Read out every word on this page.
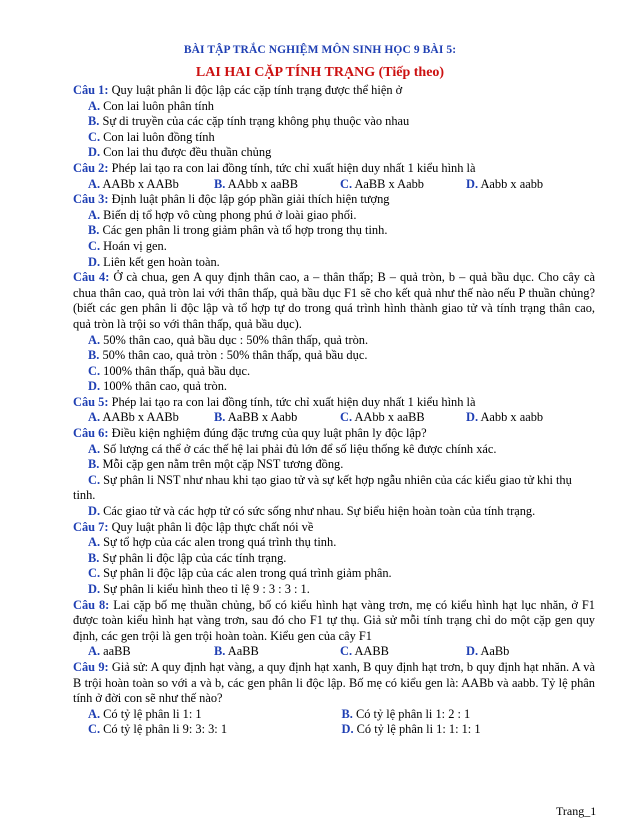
BÀI TẬP TRẮC NGHIỆM MÔN SINH HỌC 9 BÀI 5:
LAI HAI CẶP TÍNH TRẠNG (Tiếp theo)
Câu 1: Quy luật phân li độc lập các cặp tính trạng được thể hiện ở
A. Con lai luôn phân tính
B. Sự di truyền của các cặp tính trạng không phụ thuộc vào nhau
C. Con lai luôn đồng tính
D. Con lai thu được đều thuần chủng
Câu 2: Phép lai tạo ra con lai đồng tính, tức chỉ xuất hiện duy nhất 1 kiểu hình là
A. AABb x AABb	B. AAbb x aaBB	C. AaBB x Aabb	D. Aabb x aabb
Câu 3: Định luật phân li độc lập góp phần giải thích hiện tượng
A. Biến dị tổ hợp vô cùng phong phú ở loài giao phối.
B. Các gen phân li trong giảm phân và tổ hợp trong thụ tinh.
C. Hoán vị gen.
D. Liên kết gen hoàn toàn.
Câu 4: Ở cà chua, gen A quy định thân cao, a – thân thấp; B – quả tròn, b – quả bầu dục. Cho cây cà chua thân cao, quả tròn lai với thân thấp, quả bầu dục F1 sẽ cho kết quả như thế nào nếu P thuần chủng? (biết các gen phân li độc lập và tổ hợp tự do trong quá trình hình thành giao tử và tính trạng thân cao, quả tròn là trội so với thân thấp, quả bầu dục).
A. 50% thân cao, quả bầu dục : 50% thân thấp, quả tròn.
B. 50% thân cao, quả tròn : 50% thân thấp, quả bầu dục.
C. 100% thân thấp, quả bầu dục.
D. 100% thân cao, quả tròn.
Câu 5: Phép lai tạo ra con lai đồng tính, tức chỉ xuất hiện duy nhất 1 kiểu hình là
A. AABb x AABb	B. AaBB x Aabb	C. AAbb x aaBB	D. Aabb x aabb
Câu 6: Điều kiện nghiệm đúng đặc trưng của quy luật phân ly độc lập?
A. Số lượng cá thể ở các thế hệ lai phải đủ lớn để số liệu thống kê được chính xác.
B. Mỗi cặp gen nằm trên một cặp NST tương đồng.
C. Sự phân li NST như nhau khi tạo giao tử và sự kết hợp ngẫu nhiên của các kiểu giao tử khi thụ tinh.
D. Các giao tử và các hợp tử có sức sống như nhau. Sự biểu hiện hoàn toàn của tính trạng.
Câu 7: Quy luật phân li độc lập thực chất nói về
A. Sự tổ hợp của các alen trong quá trình thụ tinh.
B. Sự phân li độc lập của các tính trạng.
C. Sự phân li độc lập của các alen trong quá trình giảm phân.
D. Sự phân li kiểu hình theo tỉ lệ 9 : 3 : 3 : 1.
Câu 8: Lai cặp bố mẹ thuần chủng, bố có kiểu hình hạt vàng trơn, mẹ có kiểu hình hạt lục nhăn, ở F1 được toàn kiểu hình hạt vàng trơn, sau đó cho F1 tự thụ. Giả sử mỗi tính trạng chỉ do một cặp gen quy định, các gen trội là gen trội hoàn toàn. Kiểu gen của cây F1
A. aaBB	B. AaBB	C. AABB	D. AaBb
Câu 9: Giả sử: A quy định hạt vàng, a quy định hạt xanh, B quy định hạt trơn, b quy định hạt nhăn. A và B trội hoàn toàn so với a và b, các gen phân li độc lập. Bố mẹ có kiểu gen là: AABb và aabb. Tỷ lệ phân tính ở đời con sẽ như thế nào?
A. Có tỷ lệ phân li 1: 1	B. Có tỷ lệ phân li 1: 2 : 1
C. Có tỷ lệ phân li 9: 3: 3: 1	D. Có tỷ lệ phân li 1: 1: 1: 1
Trang_1
